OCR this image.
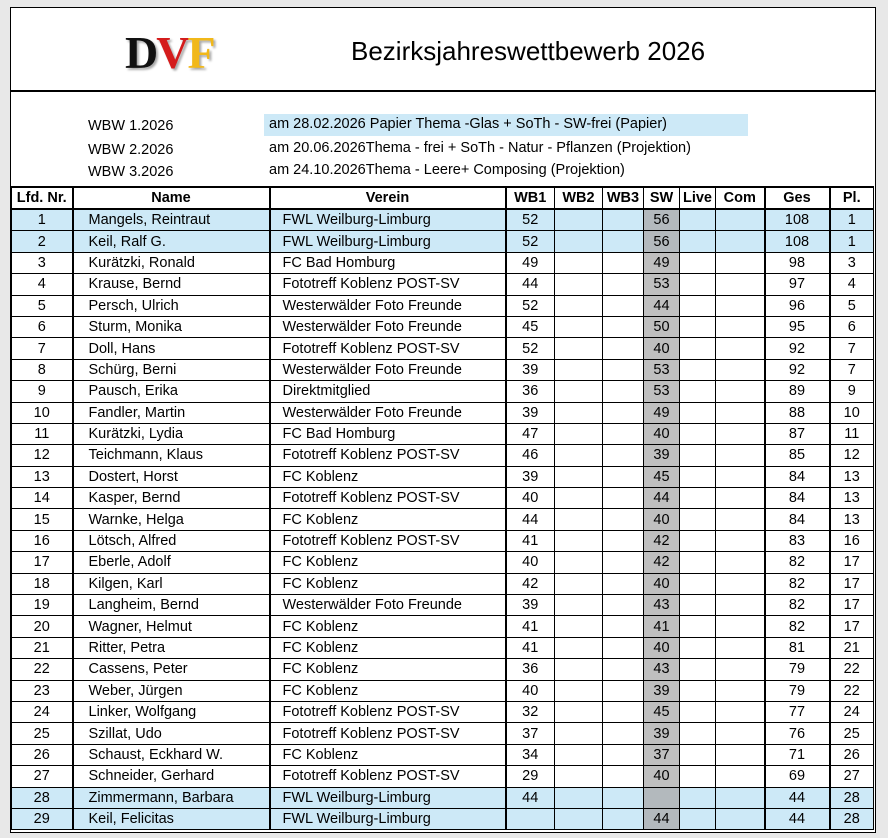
DVF	Bezirksjahreswettbewerb 2026
WBW 1.2026	am 28.02.2026 Papier Thema -Glas + SoTh - SW-frei (Papier)
WBW 2.2026	am 20.06.2026Thema - frei + SoTh - Natur - Pflanzen (Projektion)
WBW 3.2026	am 24.10.2026Thema - Leere+ Composing (Projektion)
Lfd. Nr.	Name	Verein	WB1	WB2	WB3	SW	Live	Com	Ges	Pl.
1	Mangels, Reintraut	FWL Weilburg-Limburg	52			56			108	1
2	Keil, Ralf G.	FWL Weilburg-Limburg	52			56			108	1
3	Kurätzki, Ronald	FC Bad Homburg	49			49			98	3
4	Krause, Bernd	Fototreff Koblenz POST-SV	44			53			97	4
5	Persch, Ulrich	Westerwälder Foto Freunde	52			44			96	5
6	Sturm, Monika	Westerwälder Foto Freunde	45			50			95	6
7	Doll, Hans	Fototreff Koblenz POST-SV	52			40			92	7
8	Schürg, Berni	Westerwälder Foto Freunde	39			53			92	7
9	Pausch, Erika	Direktmitglied	36			53			89	9
10	Fandler, Martin	Westerwälder Foto Freunde	39			49			88	10
11	Kurätzki, Lydia	FC Bad Homburg	47			40			87	11
12	Teichmann, Klaus	Fototreff Koblenz POST-SV	46			39			85	12
13	Dostert, Horst	FC Koblenz	39			45			84	13
14	Kasper, Bernd	Fototreff Koblenz POST-SV	40			44			84	13
15	Warnke, Helga	FC Koblenz	44			40			84	13
16	Lötsch, Alfred	Fototreff Koblenz POST-SV	41			42			83	16
17	Eberle, Adolf	FC Koblenz	40			42			82	17
18	Kilgen, Karl	FC Koblenz	42			40			82	17
19	Langheim, Bernd	Westerwälder Foto Freunde	39			43			82	17
20	Wagner, Helmut	FC Koblenz	41			41			82	17
21	Ritter, Petra	FC Koblenz	41			40			81	21
22	Cassens, Peter	FC Koblenz	36			43			79	22
23	Weber, Jürgen	FC Koblenz	40			39			79	22
24	Linker, Wolfgang	Fototreff Koblenz POST-SV	32			45			77	24
25	Szillat, Udo	Fototreff Koblenz POST-SV	37			39			76	25
26	Schaust, Eckhard W.	FC Koblenz	34			37			71	26
27	Schneider, Gerhard	Fototreff Koblenz POST-SV	29			40			69	27
28	Zimmermann, Barbara	FWL Weilburg-Limburg	44						44	28
29	Keil, Felicitas	FWL Weilburg-Limburg				44			44	28
